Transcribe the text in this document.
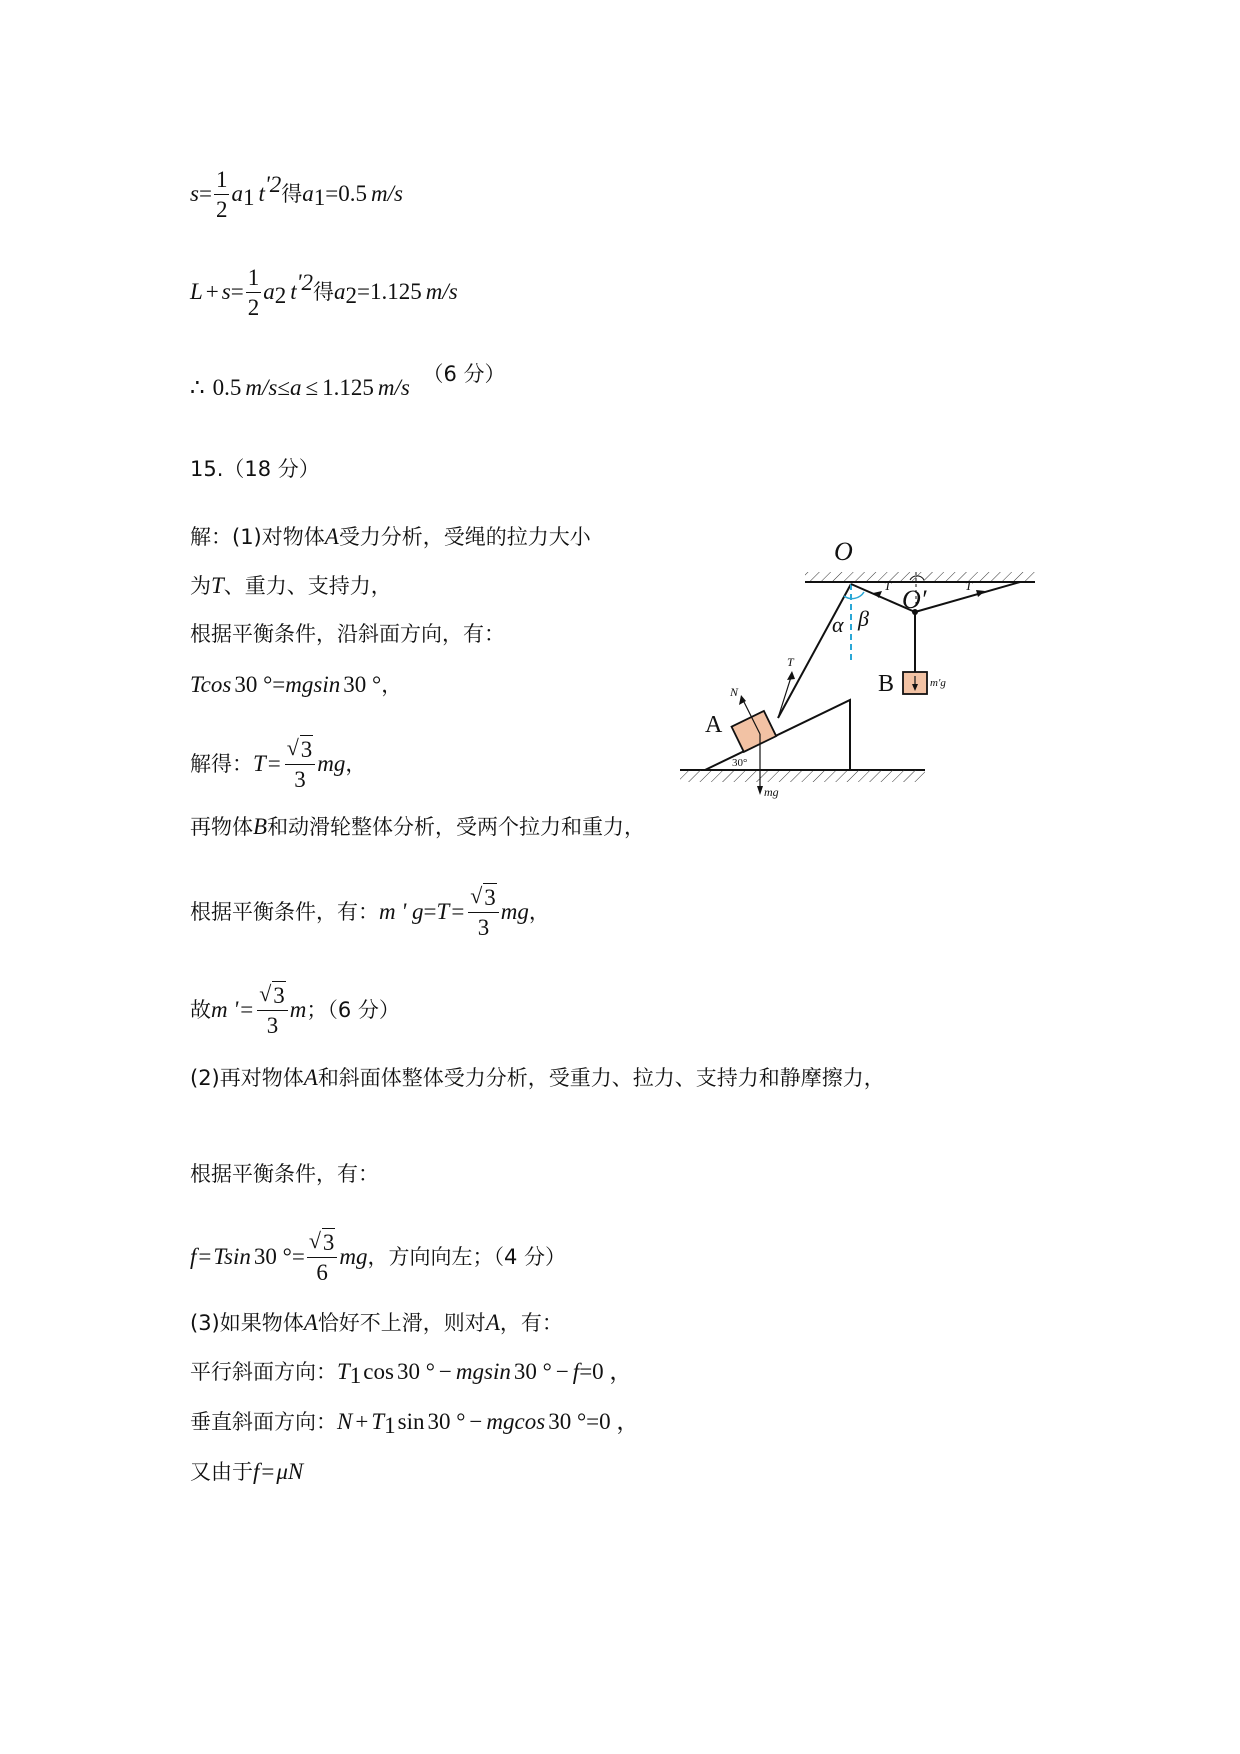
$s= \frac{1}{2} a_1$ $t^{'2}$得$a_1=0.5$ m/s
$L + s= \frac{1}{2} a_2$ $t^{'2}$得$a_2=1.125$ m/s
∴ 0.5 m/s≤a ≤ 1.125 m/s （6 分）
15.（18 分）
解：(1)对物体A受力分析，受绳的拉力大小
为T、重力、支持力，
根据平衡条件，沿斜面方向，有：
Tcos 30 °=mgsin 30 °，
解得：$T= \frac{√ 3}{3}$ mg，
再物体B和动滑轮整体分析，受两个拉力和重力，
根据平衡条件，有：m ' $g=T= \frac{√ 3}{3}$ mg，
故m '= $\frac{√ 3}{3}$ m；（6 分）
(2)再对物体A和斜面体整体受力分析，受重力、拉力、支持力和静摩擦力，
根据平衡条件，有：
f=Tsin 30 °= $\frac{√ 3}{6}$ mg，方向向左；（4 分）
(3)如果物体A恰好不上滑，则对A，有：
平行斜面方向：$T_1\cos$ 30 ° − mgsin 30 ° − f=0 ，
垂直斜面方向：$N + T_1\sin$ 30 ° − mgcos 30 °=0 ，
又由于f=μN
O
O′
α β
T
T	T
N
A
B
mg
m′g
30°
